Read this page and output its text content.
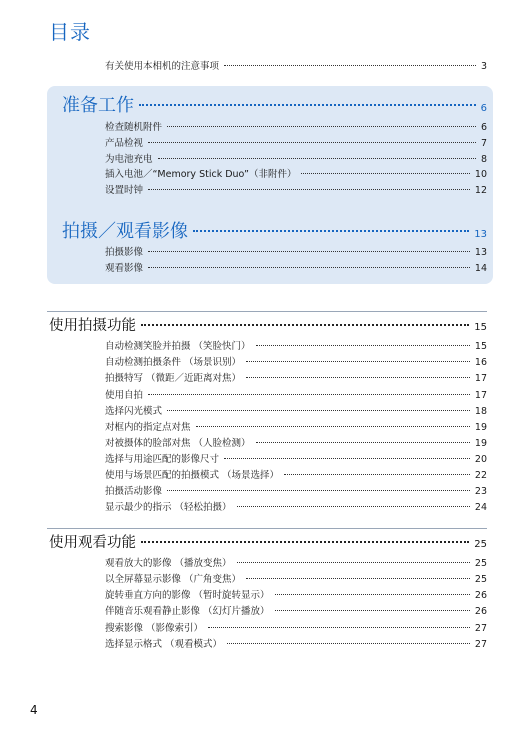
目录
有关使用本相机的注意事项	3
准备工作	6
检查随机附件	6
产品检视	7
为电池充电	8
插入电池／“Memory Stick Duo”（非附件）	10
设置时钟	12
拍摄／观看影像	13
拍摄影像	13
观看影像	14
使用拍摄功能	15
自动检测笑脸并拍摄 （笑脸快门）	15
自动检测拍摄条件 （场景识别）	16
拍摄特写 （微距／近距离对焦）	17
使用自拍	17
选择闪光模式	18
对框内的指定点对焦	19
对被摄体的脸部对焦 （人脸检测）	19
选择与用途匹配的影像尺寸	20
使用与场景匹配的拍摄模式 （场景选择）	22
拍摄活动影像	23
显示最少的指示 （轻松拍摄）	24
使用观看功能	25
观看放大的影像 （播放变焦）	25
以全屏幕显示影像 （广角变焦）	25
旋转垂直方向的影像 （暂时旋转显示）	26
伴随音乐观看静止影像 （幻灯片播放）	26
搜索影像 （影像索引）	27
选择显示格式 （观看模式）	27
4
